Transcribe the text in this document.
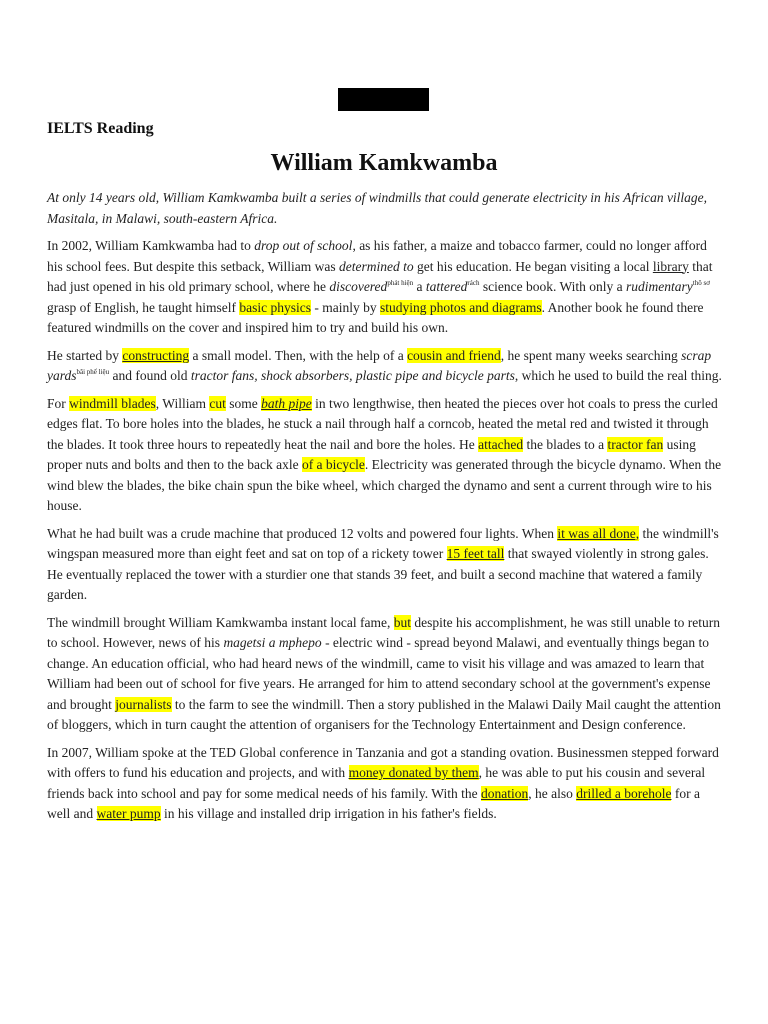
IELTS Reading
William Kamkwamba

At only 14 years old, William Kamkwamba built a series of windmills that could generate electricity in his African village, Masitala, in Malawi, south-eastern Africa.

In 2002, William Kamkwamba had to drop out of school, as his father, a maize and tobacco farmer, could no longer afford his school fees. But despite this setback, William was determined to get his education. He began visiting a local library that had just opened in his old primary school, where he discovered$^{phát hiện}$ a tattered$^{rách}$ science book. With only a rudimentary$^{thô sơ}$ grasp of English, he taught himself basic physics - mainly by studying photos and diagrams. Another book he found there featured windmills on the cover and inspired him to try and build his own.

He started by constructing a small model. Then, with the help of a cousin and friend, he spent many weeks searching scrap yards$^{bãi phế liệu}$ and found old tractor fans, shock absorbers, plastic pipe and bicycle parts, which he used to build the real thing.

For windmill blades, William cut some bath pipe in two lengthwise, then heated the pieces over hot coals to press the curled edges flat. To bore holes into the blades, he stuck a nail through half a corncob, heated the metal red and twisted it through the blades. It took three hours to repeatedly heat the nail and bore the holes. He attached the blades to a tractor fan using proper nuts and bolts and then to the back axle of a bicycle. Electricity was generated through the bicycle dynamo. When the wind blew the blades, the bike chain spun the bike wheel, which charged the dynamo and sent a current through wire to his house.

What he had built was a crude machine that produced 12 volts and powered four lights. When it was all done, the windmill's wingspan measured more than eight feet and sat on top of a rickety tower 15 feet tall that swayed violently in strong gales. He eventually replaced the tower with a sturdier one that stands 39 feet, and built a second machine that watered a family garden.

The windmill brought William Kamkwamba instant local fame, but despite his accomplishment, he was still unable to return to school. However, news of his magetsi a mphepo - electric wind - spread beyond Malawi, and eventually things began to change. An education official, who had heard news of the windmill, came to visit his village and was amazed to learn that William had been out of school for five years. He arranged for him to attend secondary school at the government's expense and brought journalists to the farm to see the windmill. Then a story published in the Malawi Daily Mail caught the attention of bloggers, which in turn caught the attention of organisers for the Technology Entertainment and Design conference.

In 2007, William spoke at the TED Global conference in Tanzania and got a standing ovation. Businessmen stepped forward with offers to fund his education and projects, and with money donated by them, he was able to put his cousin and several friends back into school and pay for some medical needs of his family. With the donation, he also drilled a borehole for a well and water pump in his village and installed drip irrigation in his father's fields.
